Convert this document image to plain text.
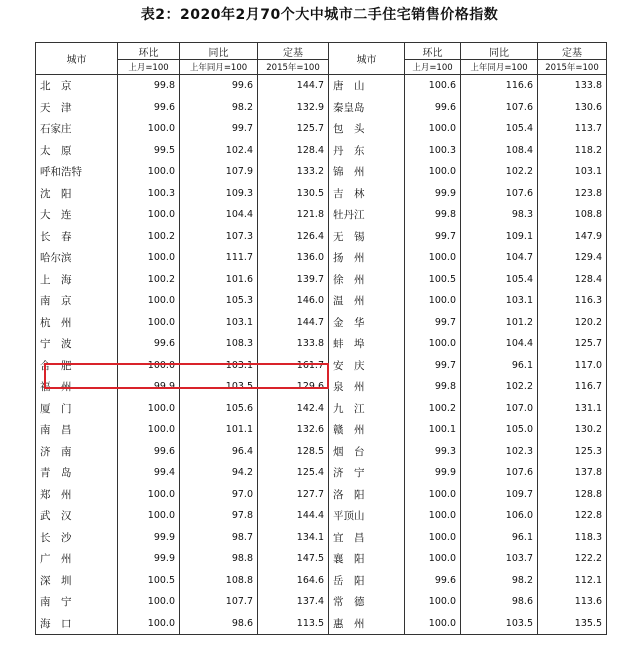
表2：2020年2月70个大中城市二手住宅销售价格指数
城市	环比	同比	定基	城市	环比	同比	定基
	上月=100	上年同月=100	2015年=100		上月=100	上年同月=100	2015年=100
北　京	99.8	99.6	144.7	唐　山	100.6	116.6	133.8
天　津	99.6	98.2	132.9	秦皇岛	99.6	107.6	130.6
石家庄	100.0	99.7	125.7	包　头	100.0	105.4	113.7
太　原	99.5	102.4	128.4	丹　东	100.3	108.4	118.2
呼和浩特	100.0	107.9	133.2	锦　州	100.0	102.2	103.1
沈　阳	100.3	109.3	130.5	吉　林	99.9	107.6	123.8
大　连	100.0	104.4	121.8	牡丹江	99.8	98.3	108.8
长　春	100.2	107.3	126.4	无　锡	99.7	109.1	147.9
哈尔滨	100.0	111.7	136.0	扬　州	100.0	104.7	129.4
上　海	100.2	101.6	139.7	徐　州	100.5	105.4	128.4
南　京	100.0	105.3	146.0	温　州	100.0	103.1	116.3
杭　州	100.0	103.1	144.7	金　华	99.7	101.2	120.2
宁　波	99.6	108.3	133.8	蚌　埠	100.0	104.4	125.7
合　肥	100.0	103.1	161.7	安　庆	99.7	96.1	117.0
福　州	99.9	103.5	129.6	泉　州	99.8	102.2	116.7
厦　门	100.0	105.6	142.4	九　江	100.2	107.0	131.1
南　昌	100.0	101.1	132.6	赣　州	100.1	105.0	130.2
济　南	99.6	96.4	128.5	烟　台	99.3	102.3	125.3
青　岛	99.4	94.2	125.4	济　宁	99.9	107.6	137.8
郑　州	100.0	97.0	127.7	洛　阳	100.0	109.7	128.8
武　汉	100.0	97.8	144.4	平顶山	100.0	106.0	122.8
长　沙	99.9	98.7	134.1	宜　昌	100.0	96.1	118.3
广　州	99.9	98.8	147.5	襄　阳	100.0	103.7	122.2
深　圳	100.5	108.8	164.6	岳　阳	99.6	98.2	112.1
南　宁	100.0	107.7	137.4	常　德	100.0	98.6	113.6
海　口	100.0	98.6	113.5	惠　州	100.0	103.5	135.5
